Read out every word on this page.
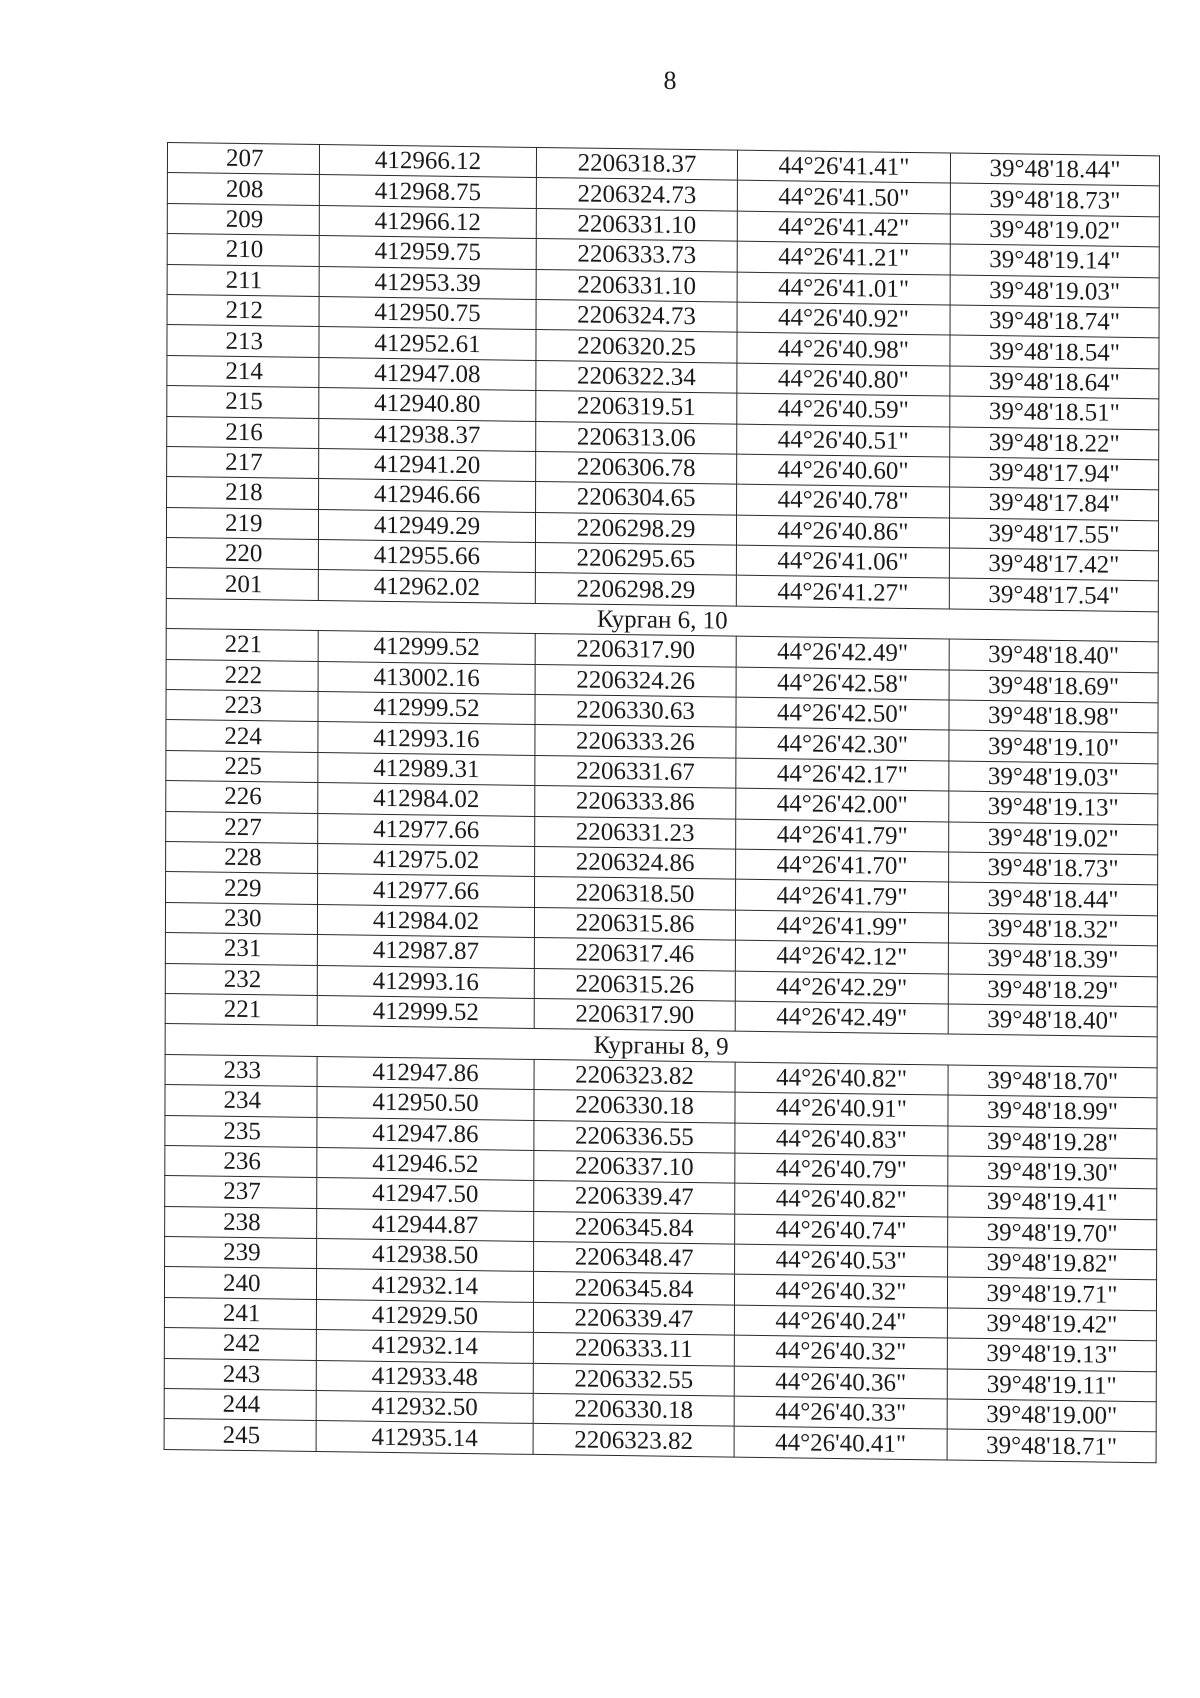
8
207	412966.12	2206318.37	44°26'41.41"	39°48'18.44"
208	412968.75	2206324.73	44°26'41.50"	39°48'18.73"
209	412966.12	2206331.10	44°26'41.42"	39°48'19.02"
210	412959.75	2206333.73	44°26'41.21"	39°48'19.14"
211	412953.39	2206331.10	44°26'41.01"	39°48'19.03"
212	412950.75	2206324.73	44°26'40.92"	39°48'18.74"
213	412952.61	2206320.25	44°26'40.98"	39°48'18.54"
214	412947.08	2206322.34	44°26'40.80"	39°48'18.64"
215	412940.80	2206319.51	44°26'40.59"	39°48'18.51"
216	412938.37	2206313.06	44°26'40.51"	39°48'18.22"
217	412941.20	2206306.78	44°26'40.60"	39°48'17.94"
218	412946.66	2206304.65	44°26'40.78"	39°48'17.84"
219	412949.29	2206298.29	44°26'40.86"	39°48'17.55"
220	412955.66	2206295.65	44°26'41.06"	39°48'17.42"
201	412962.02	2206298.29	44°26'41.27"	39°48'17.54"
Курган 6, 10				
221	412999.52	2206317.90	44°26'42.49"	39°48'18.40"
222	413002.16	2206324.26	44°26'42.58"	39°48'18.69"
223	412999.52	2206330.63	44°26'42.50"	39°48'18.98"
224	412993.16	2206333.26	44°26'42.30"	39°48'19.10"
225	412989.31	2206331.67	44°26'42.17"	39°48'19.03"
226	412984.02	2206333.86	44°26'42.00"	39°48'19.13"
227	412977.66	2206331.23	44°26'41.79"	39°48'19.02"
228	412975.02	2206324.86	44°26'41.70"	39°48'18.73"
229	412977.66	2206318.50	44°26'41.79"	39°48'18.44"
230	412984.02	2206315.86	44°26'41.99"	39°48'18.32"
231	412987.87	2206317.46	44°26'42.12"	39°48'18.39"
232	412993.16	2206315.26	44°26'42.29"	39°48'18.29"
221	412999.52	2206317.90	44°26'42.49"	39°48'18.40"
Курганы 8, 9				
233	412947.86	2206323.82	44°26'40.82"	39°48'18.70"
234	412950.50	2206330.18	44°26'40.91"	39°48'18.99"
235	412947.86	2206336.55	44°26'40.83"	39°48'19.28"
236	412946.52	2206337.10	44°26'40.79"	39°48'19.30"
237	412947.50	2206339.47	44°26'40.82"	39°48'19.41"
238	412944.87	2206345.84	44°26'40.74"	39°48'19.70"
239	412938.50	2206348.47	44°26'40.53"	39°48'19.82"
240	412932.14	2206345.84	44°26'40.32"	39°48'19.71"
241	412929.50	2206339.47	44°26'40.24"	39°48'19.42"
242	412932.14	2206333.11	44°26'40.32"	39°48'19.13"
243	412933.48	2206332.55	44°26'40.36"	39°48'19.11"
244	412932.50	2206330.18	44°26'40.33"	39°48'19.00"
245	412935.14	2206323.82	44°26'40.41"	39°48'18.71"
